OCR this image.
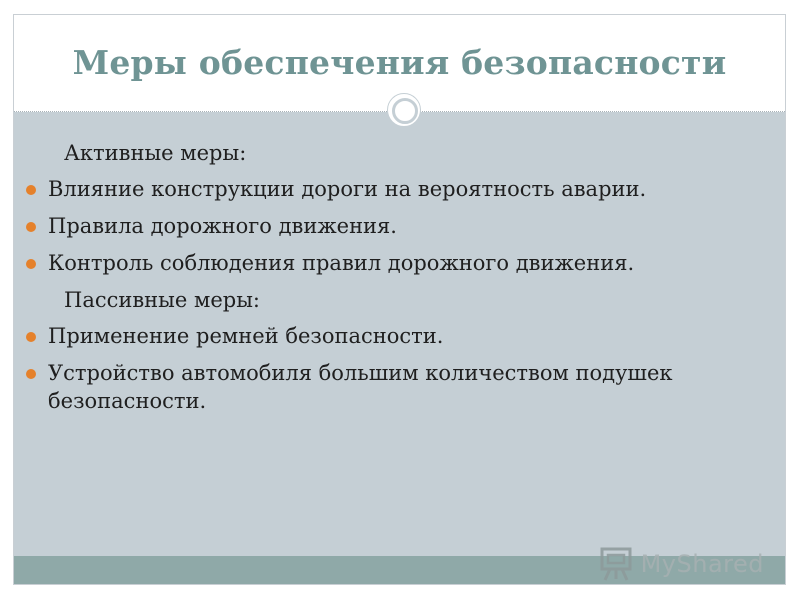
Меры обеспечения безопасности
Активные меры:
Влияние конструкции дороги на вероятность аварии.
Правила дорожного движения.
Контроль соблюдения правил дорожного движения.
Пассивные меры:
Применение ремней безопасности.
Устройство автомобиля большим количеством подушек безопасности.
MyShared
